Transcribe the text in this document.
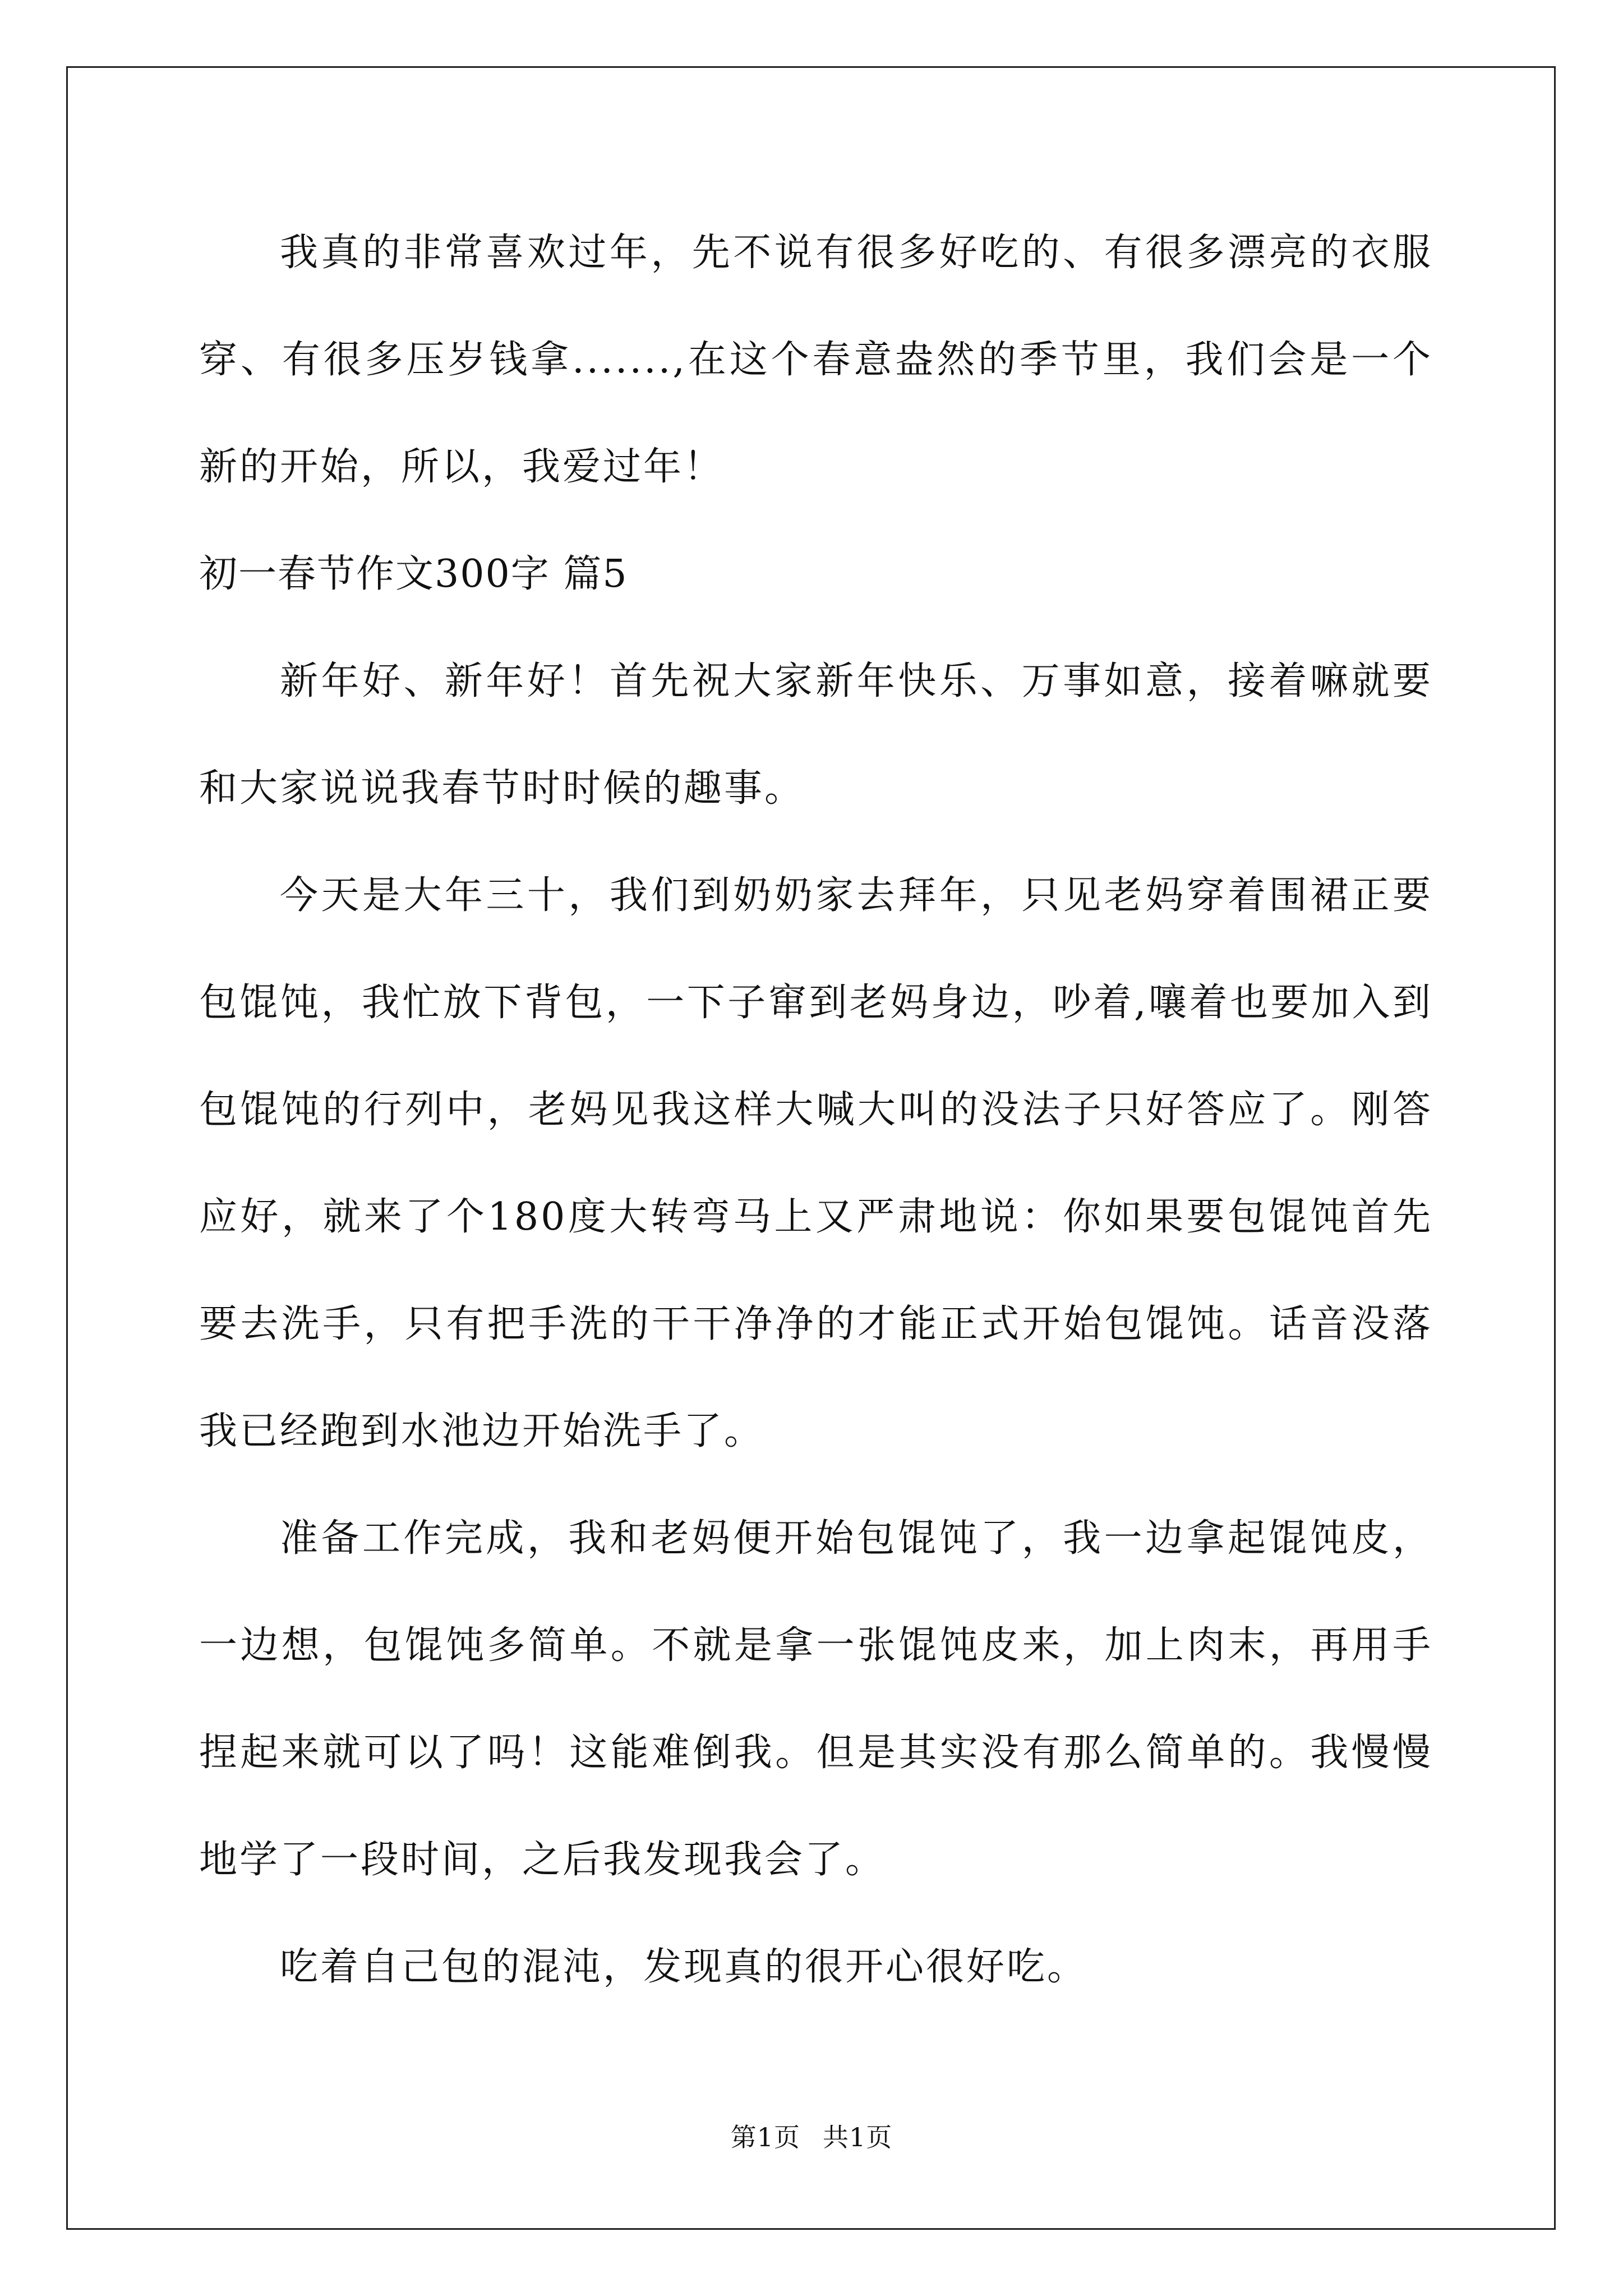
我真的非常喜欢过年，先不说有很多好吃的、有很多漂亮的衣服穿、有很多压岁钱拿.......,在这个春意盎然的季节里，我们会是一个新的开始，所以，我爱过年！

初一春节作文300字 篇5

新年好、新年好！首先祝大家新年快乐、万事如意，接着嘛就要和大家说说我春节时时候的趣事。

今天是大年三十，我们到奶奶家去拜年，只见老妈穿着围裙正要包馄饨，我忙放下背包，一下子窜到老妈身边，吵着,嚷着也要加入到包馄饨的行列中，老妈见我这样大喊大叫的没法子只好答应了。刚答应好，就来了个180度大转弯马上又严肃地说：你如果要包馄饨首先要去洗手，只有把手洗的干干净净的才能正式开始包馄饨。话音没落我已经跑到水池边开始洗手了。

准备工作完成，我和老妈便开始包馄饨了，我一边拿起馄饨皮，一边想，包馄饨多简单。不就是拿一张馄饨皮来，加上肉末，再用手捏起来就可以了吗！这能难倒我。但是其实没有那么简单的。我慢慢地学了一段时间，之后我发现我会了。

吃着自己包的混沌，发现真的很开心很好吃。

第1页 共1页
